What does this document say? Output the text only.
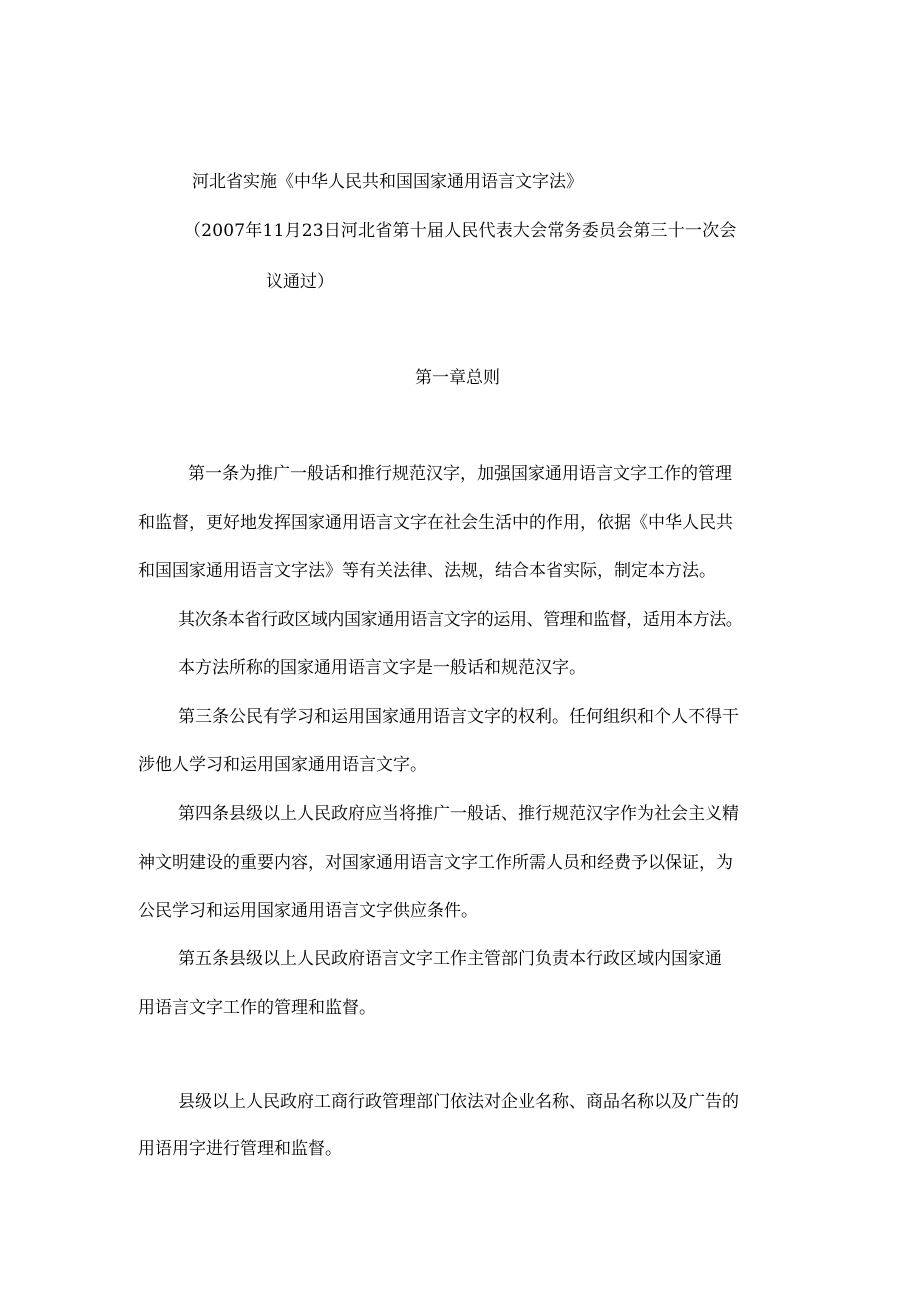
河北省实施《中华人民共和国国家通用语言文字法》
（2007年11月23日河北省第十届人民代表大会常务委员会第三十一次会
议通过）
第一章总则
第一条为推广一般话和推行规范汉字，加强国家通用语言文字工作的管理
和监督，更好地发挥国家通用语言文字在社会生活中的作用，依据《中华人民共
和国国家通用语言文字法》等有关法律、法规，结合本省实际，制定本方法。
其次条本省行政区域内国家通用语言文字的运用、管理和监督，适用本方法。
本方法所称的国家通用语言文字是一般话和规范汉字。
第三条公民有学习和运用国家通用语言文字的权利。任何组织和个人不得干
涉他人学习和运用国家通用语言文字。
第四条县级以上人民政府应当将推广一般话、推行规范汉字作为社会主义精
神文明建设的重要内容，对国家通用语言文字工作所需人员和经费予以保证，为
公民学习和运用国家通用语言文字供应条件。
第五条县级以上人民政府语言文字工作主管部门负责本行政区域内国家通
用语言文字工作的管理和监督。
县级以上人民政府工商行政管理部门依法对企业名称、商品名称以及广告的
用语用字进行管理和监督。
